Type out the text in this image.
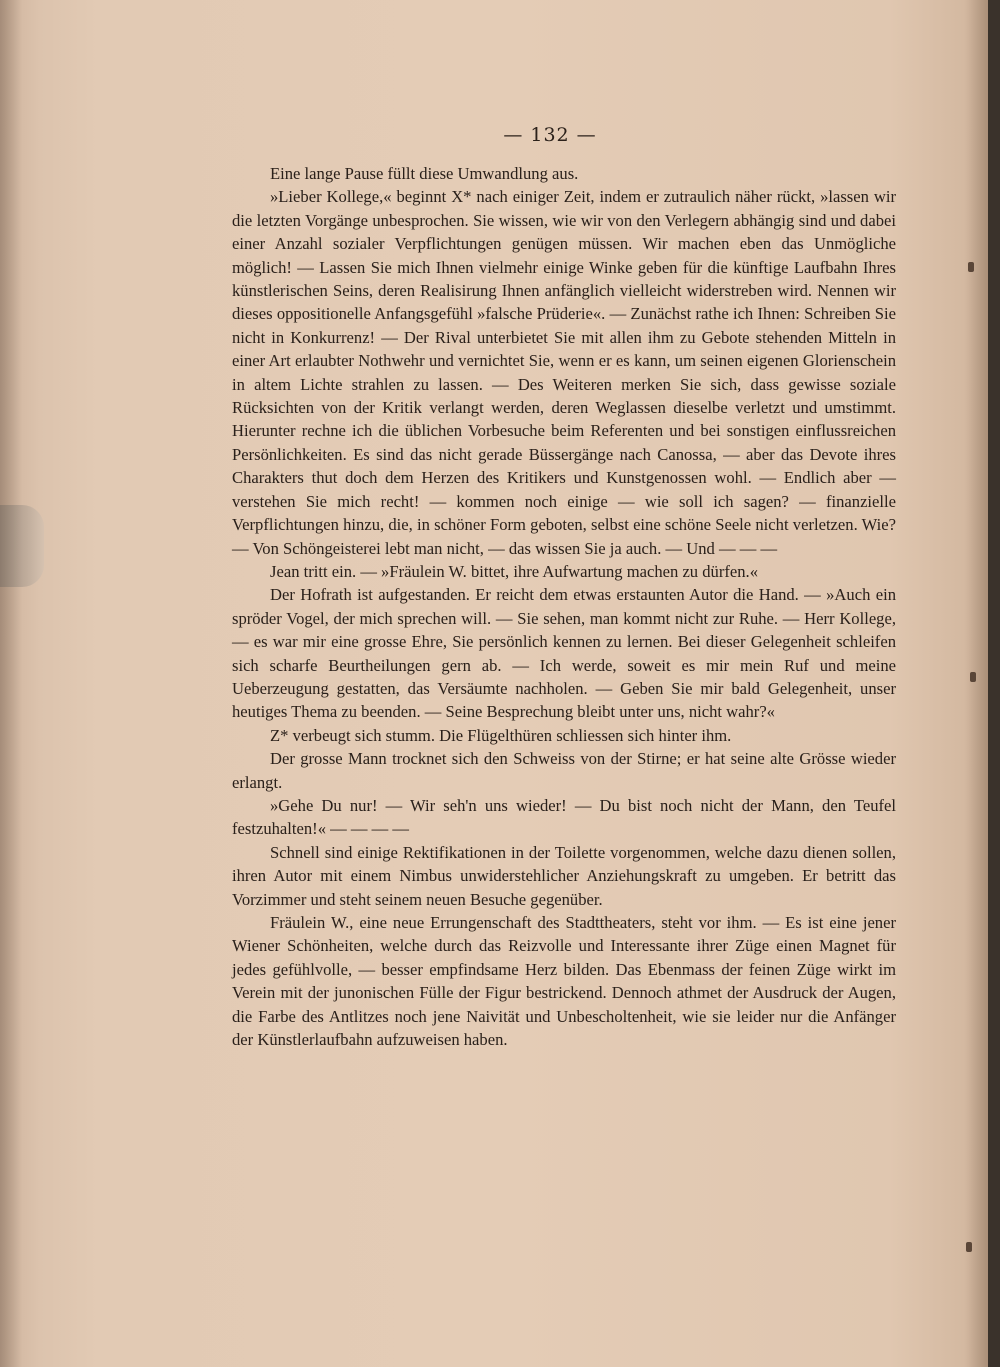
— 132 —

Eine lange Pause füllt diese Umwandlung aus.

»Lieber Kollege,« beginnt X* nach einiger Zeit, indem er zutraulich näher rückt, »lassen wir die letzten Vorgänge unbesprochen. Sie wissen, wie wir von den Verlegern abhängig sind und dabei einer Anzahl sozialer Verpflichtungen genügen müssen. Wir machen eben das Unmögliche möglich! — Lassen Sie mich Ihnen vielmehr einige Winke geben für die künftige Laufbahn Ihres künstlerischen Seins, deren Realisirung Ihnen anfänglich vielleicht widerstreben wird. Nennen wir dieses oppositionelle Anfangsgefühl »falsche Prüderie«. — Zunächst rathe ich Ihnen: Schreiben Sie nicht in Konkurrenz! — Der Rival unterbietet Sie mit allen ihm zu Gebote stehenden Mitteln in einer Art erlaubter Nothwehr und vernichtet Sie, wenn er es kann, um seinen eigenen Glorienschein in altem Lichte strahlen zu lassen. — Des Weiteren merken Sie sich, dass gewisse soziale Rücksichten von der Kritik verlangt werden, deren Weglassen dieselbe verletzt und umstimmt. Hierunter rechne ich die üblichen Vorbesuche beim Referenten und bei sonstigen einflussreichen Persönlichkeiten. Es sind das nicht gerade Büssergänge nach Canossa, — aber das Devote ihres Charakters thut doch dem Herzen des Kritikers und Kunstgenossen wohl. — Endlich aber — verstehen Sie mich recht! — kommen noch einige — wie soll ich sagen? — finanzielle Verpflichtungen hinzu, die, in schöner Form geboten, selbst eine schöne Seele nicht verletzen. Wie? — Von Schöngeisterei lebt man nicht, — das wissen Sie ja auch. — Und — — —

Jean tritt ein. — »Fräulein W. bittet, ihre Aufwartung machen zu dürfen.«

Der Hofrath ist aufgestanden. Er reicht dem etwas erstaunten Autor die Hand. — »Auch ein spröder Vogel, der mich sprechen will. — Sie sehen, man kommt nicht zur Ruhe. — Herr Kollege, — es war mir eine grosse Ehre, Sie persönlich kennen zu lernen. Bei dieser Gelegenheit schleifen sich scharfe Beurtheilungen gern ab. — Ich werde, soweit es mir mein Ruf und meine Ueberzeugung gestatten, das Versäumte nachholen. — Geben Sie mir bald Gelegenheit, unser heutiges Thema zu beenden. — Seine Besprechung bleibt unter uns, nicht wahr?«

Z* verbeugt sich stumm. Die Flügelthüren schliessen sich hinter ihm.

Der grosse Mann trocknet sich den Schweiss von der Stirne; er hat seine alte Grösse wieder erlangt.

»Gehe Du nur! — Wir seh'n uns wieder! — Du bist noch nicht der Mann, den Teufel festzuhalten!« — — — —

Schnell sind einige Rektifikationen in der Toilette vorgenommen, welche dazu dienen sollen, ihren Autor mit einem Nimbus unwiderstehlicher Anziehungskraft zu umgeben. Er betritt das Vorzimmer und steht seinem neuen Besuche gegenüber.

Fräulein W., eine neue Errungenschaft des Stadttheaters, steht vor ihm. — Es ist eine jener Wiener Schönheiten, welche durch das Reizvolle und Interessante ihrer Züge einen Magnet für jedes gefühlvolle, — besser empfindsame Herz bilden. Das Ebenmass der feinen Züge wirkt im Verein mit der junonischen Fülle der Figur bestrickend. Dennoch athmet der Ausdruck der Augen, die Farbe des Antlitzes noch jene Naivität und Unbescholtenheit, wie sie leider nur die Anfänger der Künstlerlaufbahn aufzuweisen haben.
